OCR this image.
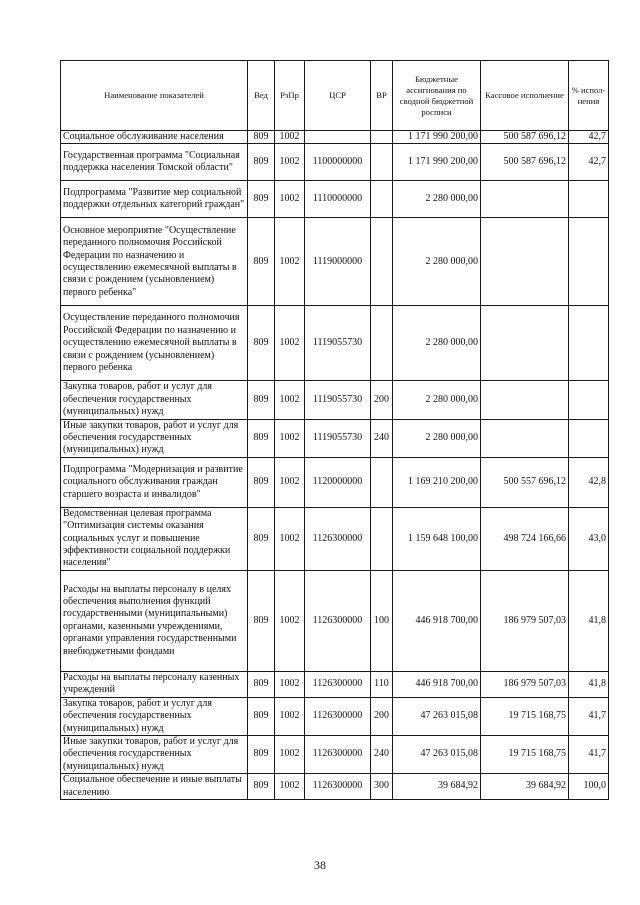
Наименование показателей	Вед	РзПр	ЦСР	ВР	Бюджетные ассигнования по сводной бюджетной росписи	Кассовое исполнение	% испол-нения
Социальное обслуживание населения	809	1002			1 171 990 200,00	500 587 696,12	42,7
Государственная программа "Социальная поддержка населения Томской области"	809	1002	1100000000		1 171 990 200,00	500 587 696,12	42,7
Подпрограмма "Развитие мер социальной поддержки отдельных категорий граждан"	809	1002	1110000000		2 280 000,00		
Основное мероприятие "Осуществление переданного полномочия Российской Федерации по назначению и осуществлению ежемесячной выплаты в связи с рождением (усыновлением) первого ребенка"	809	1002	1119000000		2 280 000,00		
Осуществление переданного полномочия Российской Федерации по назначению и осуществлению ежемесячной выплаты в связи с рождением (усыновлением) первого ребенка	809	1002	1119055730		2 280 000,00		
Закупка товаров, работ и услуг для обеспечения государственных (муниципальных) нужд	809	1002	1119055730	200	2 280 000,00		
Иные закупки товаров, работ и услуг для обеспечения государственных (муниципальных) нужд	809	1002	1119055730	240	2 280 000,00		
Подпрограмма "Модернизация и развитие социального обслуживания граждан старшего возраста и инвалидов"	809	1002	1120000000		1 169 210 200,00	500 557 696,12	42,8
Ведомственная целевая программа "Оптимизация системы оказания социальных услуг и повышение эффективности социальной поддержки населения"	809	1002	1126300000		1 159 648 100,00	498 724 166,66	43,0
Расходы на выплаты персоналу в целях обеспечения выполнения функций государственными (муниципальными) органами, казенными учреждениями, органами управления государственными внебюджетными фондами	809	1002	1126300000	100	446 918 700,00	186 979 507,03	41,8
Расходы на выплаты персоналу казенных учреждений	809	1002	1126300000	110	446 918 700,00	186 979 507,03	41,8
Закупка товаров, работ и услуг для обеспечения государственных (муниципальных) нужд	809	1002	1126300000	200	47 263 015,08	19 715 168,75	41,7
Иные закупки товаров, работ и услуг для обеспечения государственных (муниципальных) нужд	809	1002	1126300000	240	47 263 015,08	19 715 168,75	41,7
Социальное обеспечение и иные выплаты населению	809	1002	1126300000	300	39 684,92	39 684,92	100,0
38
